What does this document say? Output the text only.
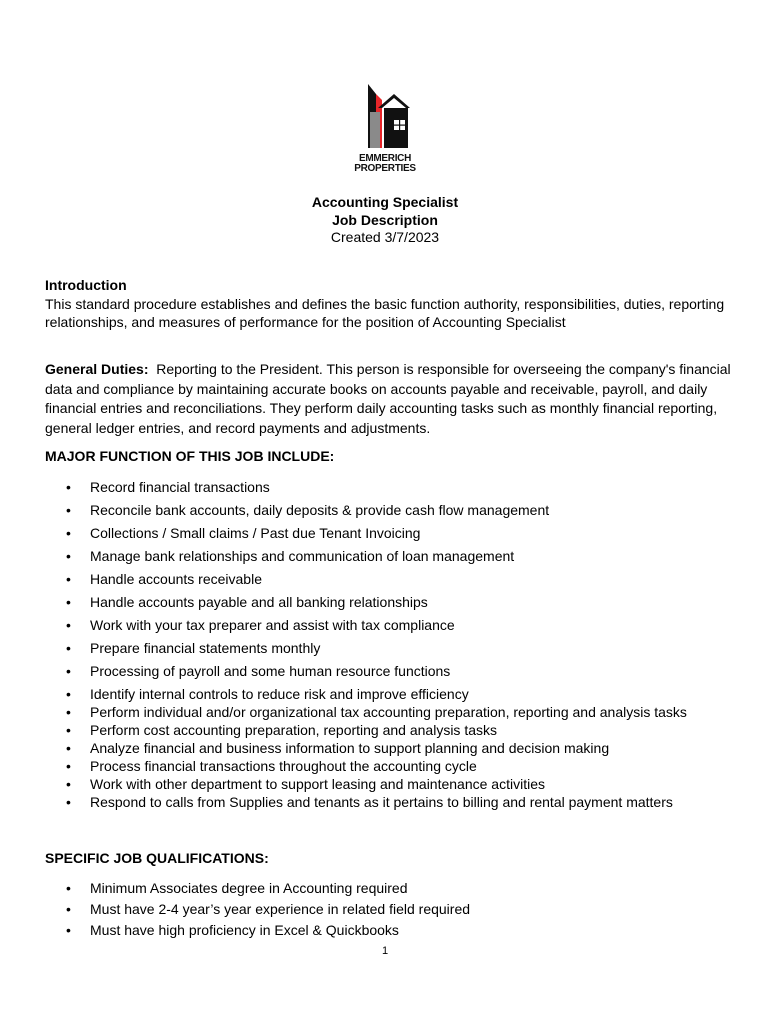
EMMERICH
PROPERTIES
Accounting Specialist
Job Description
Created 3/7/2023
Introduction
This standard procedure establishes and defines the basic function authority, responsibilities, duties, reporting relationships, and measures of performance for the position of Accounting Specialist
General Duties: Reporting to the President. This person is responsible for overseeing the company's financial data and compliance by maintaining accurate books on accounts payable and receivable, payroll, and daily financial entries and reconciliations. They perform daily accounting tasks such as monthly financial reporting, general ledger entries, and record payments and adjustments.
MAJOR FUNCTION OF THIS JOB INCLUDE:
• Record financial transactions
• Reconcile bank accounts, daily deposits & provide cash flow management
• Collections / Small claims / Past due Tenant Invoicing
• Manage bank relationships and communication of loan management
• Handle accounts receivable
• Handle accounts payable and all banking relationships
• Work with your tax preparer and assist with tax compliance
• Prepare financial statements monthly
• Processing of payroll and some human resource functions
• Identify internal controls to reduce risk and improve efficiency
• Perform individual and/or organizational tax accounting preparation, reporting and analysis tasks
• Perform cost accounting preparation, reporting and analysis tasks
• Analyze financial and business information to support planning and decision making
• Process financial transactions throughout the accounting cycle
• Work with other department to support leasing and maintenance activities
• Respond to calls from Supplies and tenants as it pertains to billing and rental payment matters
SPECIFIC JOB QUALIFICATIONS:
• Minimum Associates degree in Accounting required
• Must have 2-4 year’s year experience in related field required
• Must have high proficiency in Excel & Quickbooks
1
